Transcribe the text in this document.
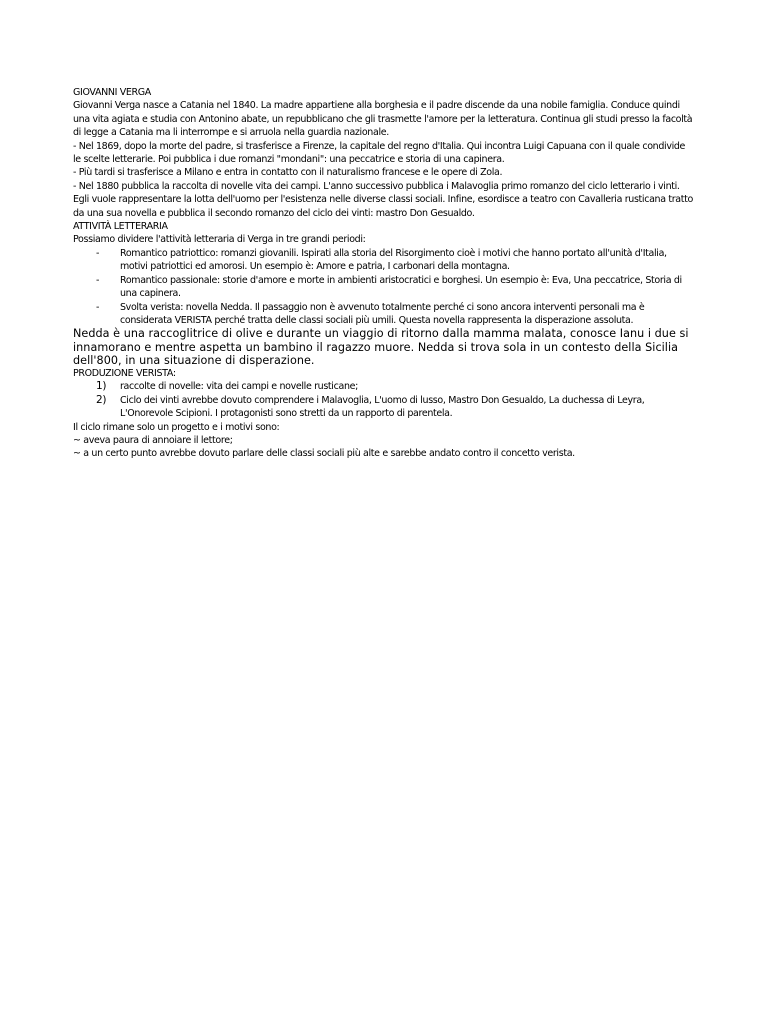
GIOVANNI VERGA

Giovanni Verga nasce a Catania nel 1840. La madre appartiene alla borghesia e il padre discende da una nobile famiglia. Conduce quindi una vita agiata e studia con Antonino abate, un repubblicano che gli trasmette l'amore per la letteratura. Continua gli studi presso la facoltà di legge a Catania ma li interrompe e si arruola nella guardia nazionale.

- Nel 1869, dopo la morte del padre, si trasferisce a Firenze, la capitale del regno d'Italia. Qui incontra Luigi Capuana con il quale condivide le scelte letterarie. Poi pubblica i due romanzi "mondani": una peccatrice e storia di una capinera.

- Più tardi si trasferisce a Milano e entra in contatto con il naturalismo francese e le opere di Zola.

- Nel 1880 pubblica la raccolta di novelle vita dei campi. L'anno successivo pubblica i Malavoglia primo romanzo del ciclo letterario i vinti. Egli vuole rappresentare la lotta dell'uomo per l'esistenza nelle diverse classi sociali. Infine, esordisce a teatro con Cavalleria rusticana tratto da una sua novella e pubblica il secondo romanzo del ciclo dei vinti: mastro Don Gesualdo.

ATTIVITÀ LETTERARIA

Possiamo dividere l'attività letteraria di Verga in tre grandi periodi:

- Romantico patriottico: romanzi giovanili. Ispirati alla storia del Risorgimento cioè i motivi che hanno portato all'unità d'Italia, motivi patriottici ed amorosi. Un esempio è: Amore e patria, I carbonari della montagna.
- Romantico passionale: storie d'amore e morte in ambienti aristocratici e borghesi. Un esempio è: Eva, Una peccatrice, Storia di una capinera.
- Svolta verista: novella Nedda. Il passaggio non è avvenuto totalmente perché ci sono ancora interventi personali ma è considerata VERISTA perché tratta delle classi sociali più umili. Questa novella rappresenta la disperazione assoluta.

Nedda è una raccoglitrice di olive e durante un viaggio di ritorno dalla mamma malata, conosce Ianu i due si innamorano e mentre aspetta un bambino il ragazzo muore. Nedda si trova sola in un contesto della Sicilia dell'800, in una situazione di disperazione.

PRODUZIONE VERISTA:

1) raccolte di novelle: vita dei campi e novelle rusticane;
2) Ciclo dei vinti avrebbe dovuto comprendere i Malavoglia, L'uomo di lusso, Mastro Don Gesualdo, La duchessa di Leyra, L'Onorevole Scipioni. I protagonisti sono stretti da un rapporto di parentela.

Il ciclo rimane solo un progetto e i motivi sono:

~ aveva paura di annoiare il lettore;

~ a un certo punto avrebbe dovuto parlare delle classi sociali più alte e sarebbe andato contro il concetto verista.
